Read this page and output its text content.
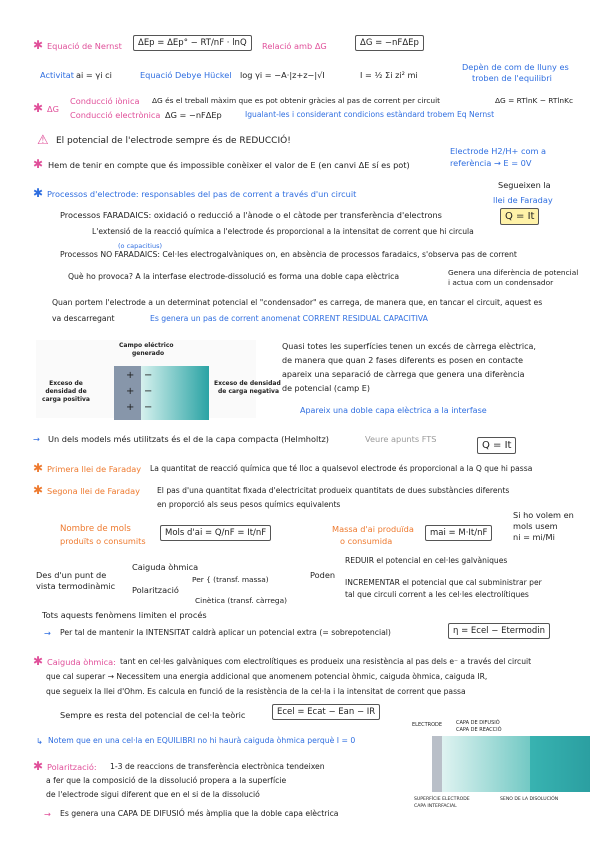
✱ Equació de Nernst	ΔEp = ΔEp° − RT/nF · lnQ	Relació amb ΔG	ΔG = −nFΔEp
Activitat ai = γi ci	Equació Debye Hückel log γi = −A·|z+z−|√I	I = ½ Σi zi² mi
Depèn de com de lluny es
troben de l'equilibri
✱ ΔG
Conducció iònica ΔG és el treball màxim que es pot obtenir gràcies al pas de corrent per circuit	ΔG = RTlnK − RTlnKc
Conducció electrònica ΔG = −nFΔEp	Igualant-les i considerant condicions estàndard trobem Eq Nernst
⚠ El potencial de l'electrode sempre és de REDUCCIÓ!
✱ Hem de tenir en compte que és impossible conèixer el valor de E (en canvi ΔE sí es pot)
Electrode H2/H+ com a
referència → E = 0V
✱ Processos d'electrode: responsables del pas de corrent a través d'un circuit
Segueixen la
llei de Faraday
Processos FARADAICS: oxidació o reducció a l'ànode o el càtode per transferència d'electrons	Q = It
L'extensió de la reacció química a l'electrode és proporcional a la intensitat de corrent que hi circula
(o capacitius)
Processos NO FARADAICS: Cel·les electrogalvàniques on, en absència de processos faradaics, s'observa pas de corrent
Què ho provoca? A la interfase electrode-dissolució es forma una doble capa elèctrica	Genera una diferència de potencial
i actua com un condensador
Quan portem l'electrode a un determinat potencial el "condensador" es carrega, de manera que, en tancar el circuit, aquest es
va descarregant	Es genera un pas de corrent anomenat CORRENT RESIDUAL CAPACITIVA
Campo eléctrico
generado
+
+
+
−
−
−
Exceso de
densidad de
carga positiva
Exceso de densidad
de carga negativa
Quasi totes les superfícies tenen un excés de càrrega elèctrica,
de manera que quan 2 fases diferents es posen en contacte
apareix una separació de càrrega que genera una diferència
de potencial (camp E)
Apareix una doble capa elèctrica a la interfase
→ Un dels models més utilitzats és el de la capa compacta (Helmholtz)	Veure apunts FTS
Q = It
✱ Primera llei de Faraday La quantitat de reacció química que té lloc a qualsevol electrode és proporcional a la Q que hi passa
✱ Segona llei de Faraday El pas d'una quantitat fixada d'electricitat produeix quantitats de dues substàncies diferents
en proporció als seus pesos químics equivalents
Nombre de mols
produïts o consumits
Mols d'ai = Q/nF = It/nF	Massa d'ai produïda
o consumida
mai = M·It/nF
Si ho volem en
mols usem
ni = mi/Mi
Des d'un punt de
vista termodinàmic
Caiguda òhmica
Polarització
Per { (transf. massa)
Cinètica (transf. càrrega)
Poden
REDUIR el potencial en cel·les galvàniques
INCREMENTAR el potencial que cal subministrar per
tal que circuli corrent a les cel·les electrolítiques
Tots aquests fenòmens limiten el procés
→ Per tal de mantenir la INTENSITAT caldrà aplicar un potencial extra (= sobrepotencial)	η = Ecel − Etermodin
✱ Caiguda òhmica: tant en cel·les galvàniques com electrolítiques es produeix una resistència al pas dels e⁻ a través del circuit
que cal superar → Necessitem una energia addicional que anomenem potencial òhmic, caiguda òhmica, caiguda IR,
que segueix la llei d'Ohm. Es calcula en funció de la resistència de la cel·la i la intensitat de corrent que passa
Sempre es resta del potencial de cel·la teòric	Ecel = Ecat − Ean − IR
↳ Notem que en una cel·la en EQUILIBRI no hi haurà caiguda òhmica perquè I = 0
✱ Polarització: 1-3 de reaccions de transferència electrònica tendeixen
a fer que la composició de la dissolució propera a la superfície
de l'electrode sigui diferent que en el si de la dissolució
→ Es genera una CAPA DE DIFUSIÓ més àmplia que la doble capa elèctrica
ELECTRODE	CAPA DE DIFUSIÓ
CAPA DE REACCIÓ
SUPERFÍCIE ELECTRODE
CAPA INTERFACIAL
SENO DE LA DISOLUCIÓN
